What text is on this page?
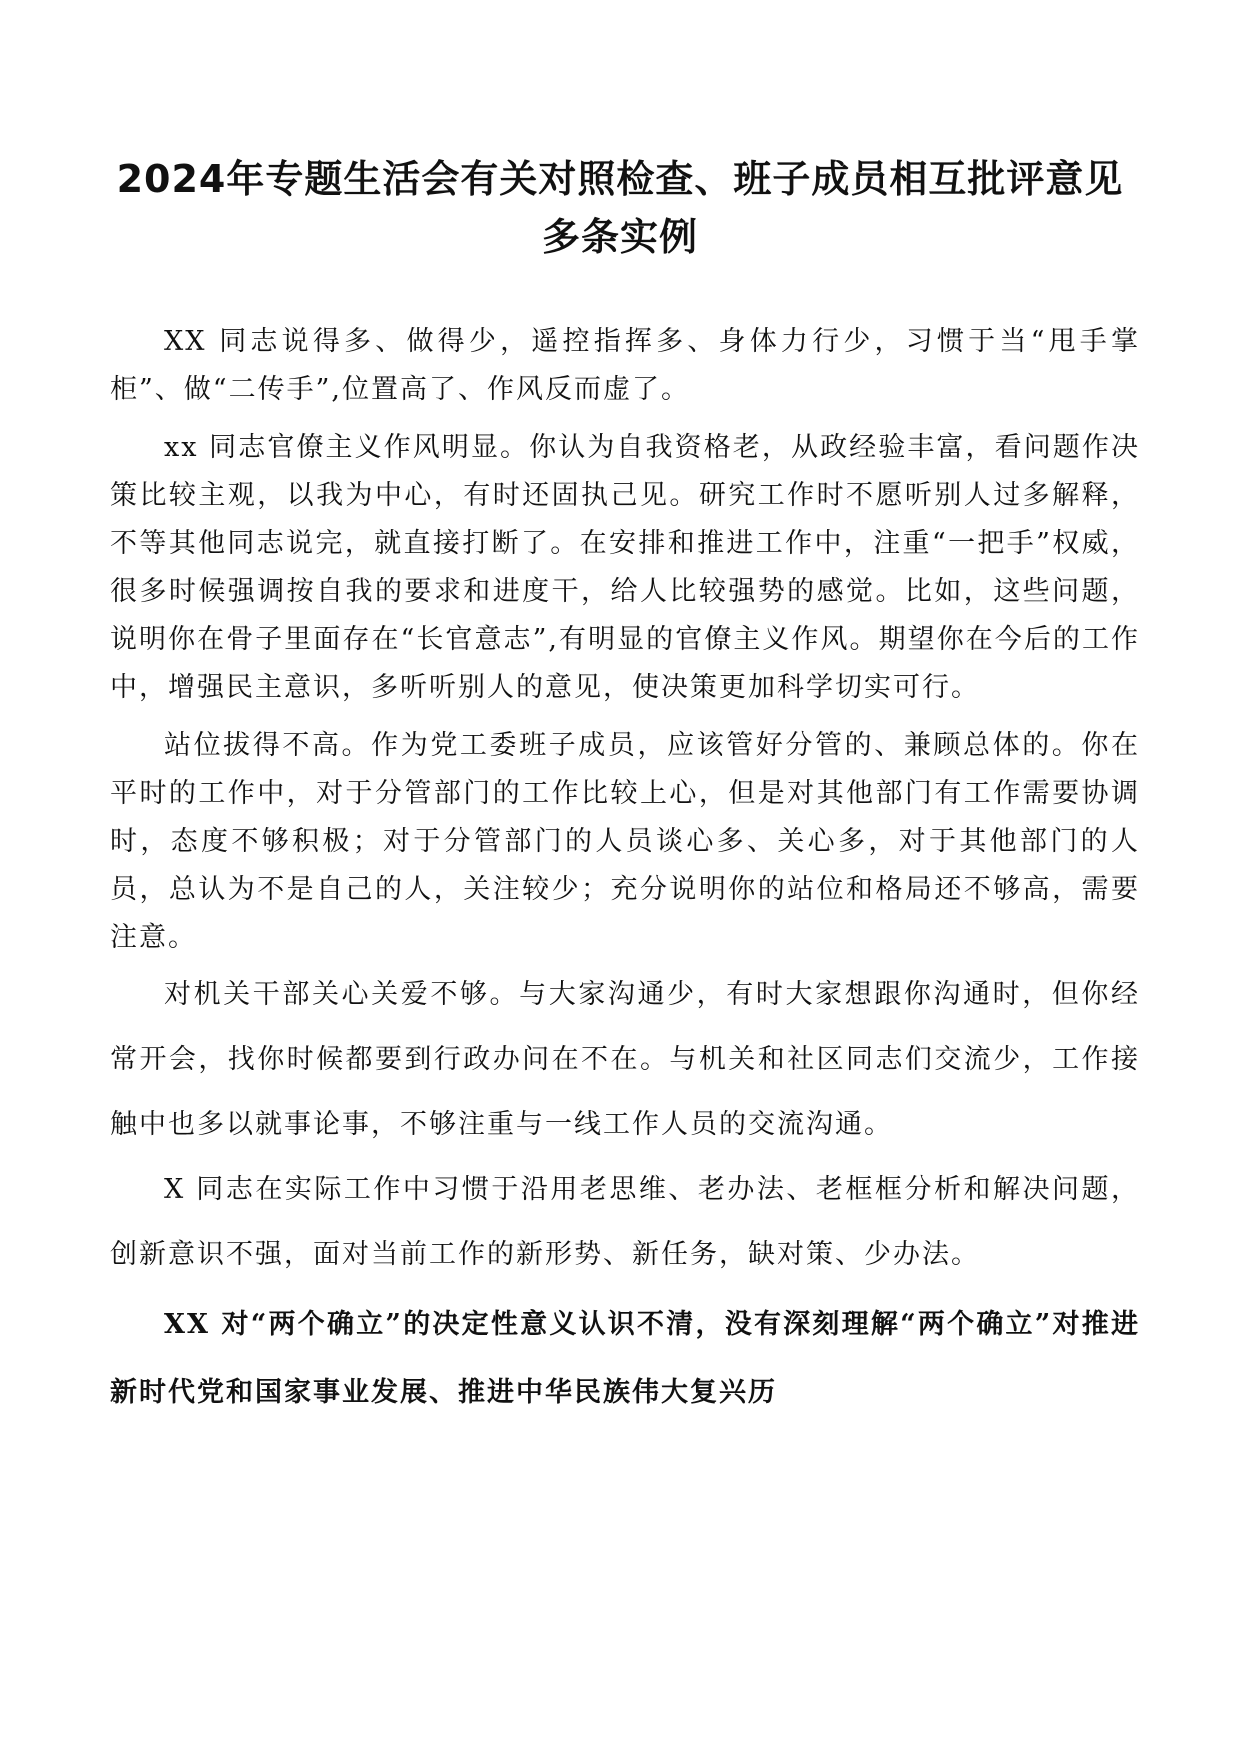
2024年专题生活会有关对照检查、班子成员相互批评意见多条实例

XX 同志说得多、做得少，遥控指挥多、身体力行少，习惯于当“甩手掌柜”、做“二传手”,位置高了、作风反而虚了。

xx 同志官僚主义作风明显。你认为自我资格老，从政经验丰富，看问题作决策比较主观，以我为中心，有时还固执己见。研究工作时不愿听别人过多解释，不等其他同志说完，就直接打断了。在安排和推进工作中，注重“一把手”权威，很多时候强调按自我的要求和进度干，给人比较强势的感觉。比如，这些问题，说明你在骨子里面存在“长官意志”,有明显的官僚主义作风。期望你在今后的工作中，增强民主意识，多听听别人的意见，使决策更加科学切实可行。

站位拔得不高。作为党工委班子成员，应该管好分管的、兼顾总体的。你在平时的工作中，对于分管部门的工作比较上心，但是对其他部门有工作需要协调时，态度不够积极；对于分管部门的人员谈心多、关心多，对于其他部门的人员，总认为不是自己的人，关注较少；充分说明你的站位和格局还不够高，需要注意。

对机关干部关心关爱不够。与大家沟通少，有时大家想跟你沟通时，但你经常开会，找你时候都要到行政办问在不在。与机关和社区同志们交流少，工作接触中也多以就事论事，不够注重与一线工作人员的交流沟通。

X 同志在实际工作中习惯于沿用老思维、老办法、老框框分析和解决问题，创新意识不强，面对当前工作的新形势、新任务，缺对策、少办法。

XX 对“两个确立”的决定性意义认识不清，没有深刻理解“两个确立”对推进新时代党和国家事业发展、推进中华民族伟大复兴历
